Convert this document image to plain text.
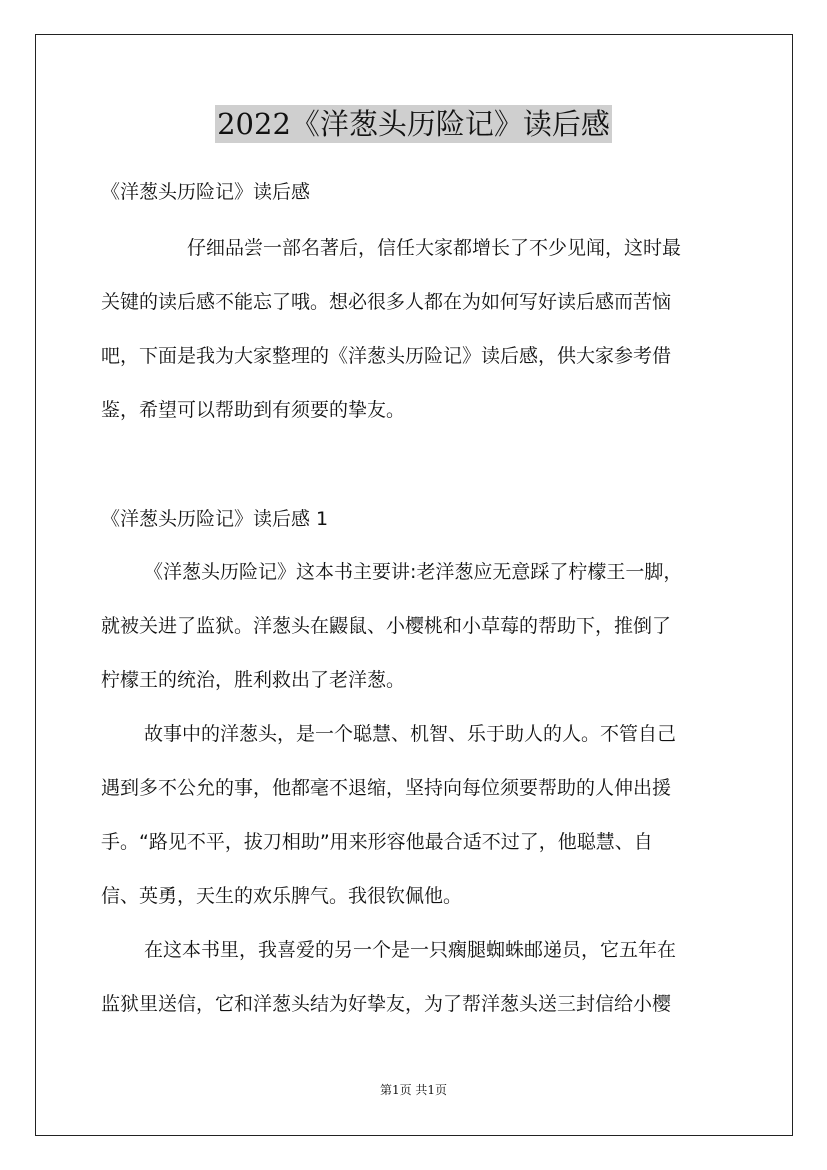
2022《洋葱头历险记》读后感
《洋葱头历险记》读后感
仔细品尝一部名著后，信任大家都增长了不少见闻，这时最
关键的读后感不能忘了哦。想必很多人都在为如何写好读后感而苦恼
吧，下面是我为大家整理的《洋葱头历险记》读后感，供大家参考借
鉴，希望可以帮助到有须要的挚友。
《洋葱头历险记》读后感 1
《洋葱头历险记》这本书主要讲:老洋葱应无意踩了柠檬王一脚，
就被关进了监狱。洋葱头在鼹鼠、小樱桃和小草莓的帮助下，推倒了
柠檬王的统治，胜利救出了老洋葱。
故事中的洋葱头，是一个聪慧、机智、乐于助人的人。不管自己
遇到多不公允的事，他都毫不退缩，坚持向每位须要帮助的人伸出援
手。“路见不平，拔刀相助”用来形容他最合适不过了，他聪慧、自
信、英勇，天生的欢乐脾气。我很钦佩他。
在这本书里，我喜爱的另一个是一只瘸腿蜘蛛邮递员，它五年在
监狱里送信，它和洋葱头结为好挚友，为了帮洋葱头送三封信给小樱
第1页 共1页
